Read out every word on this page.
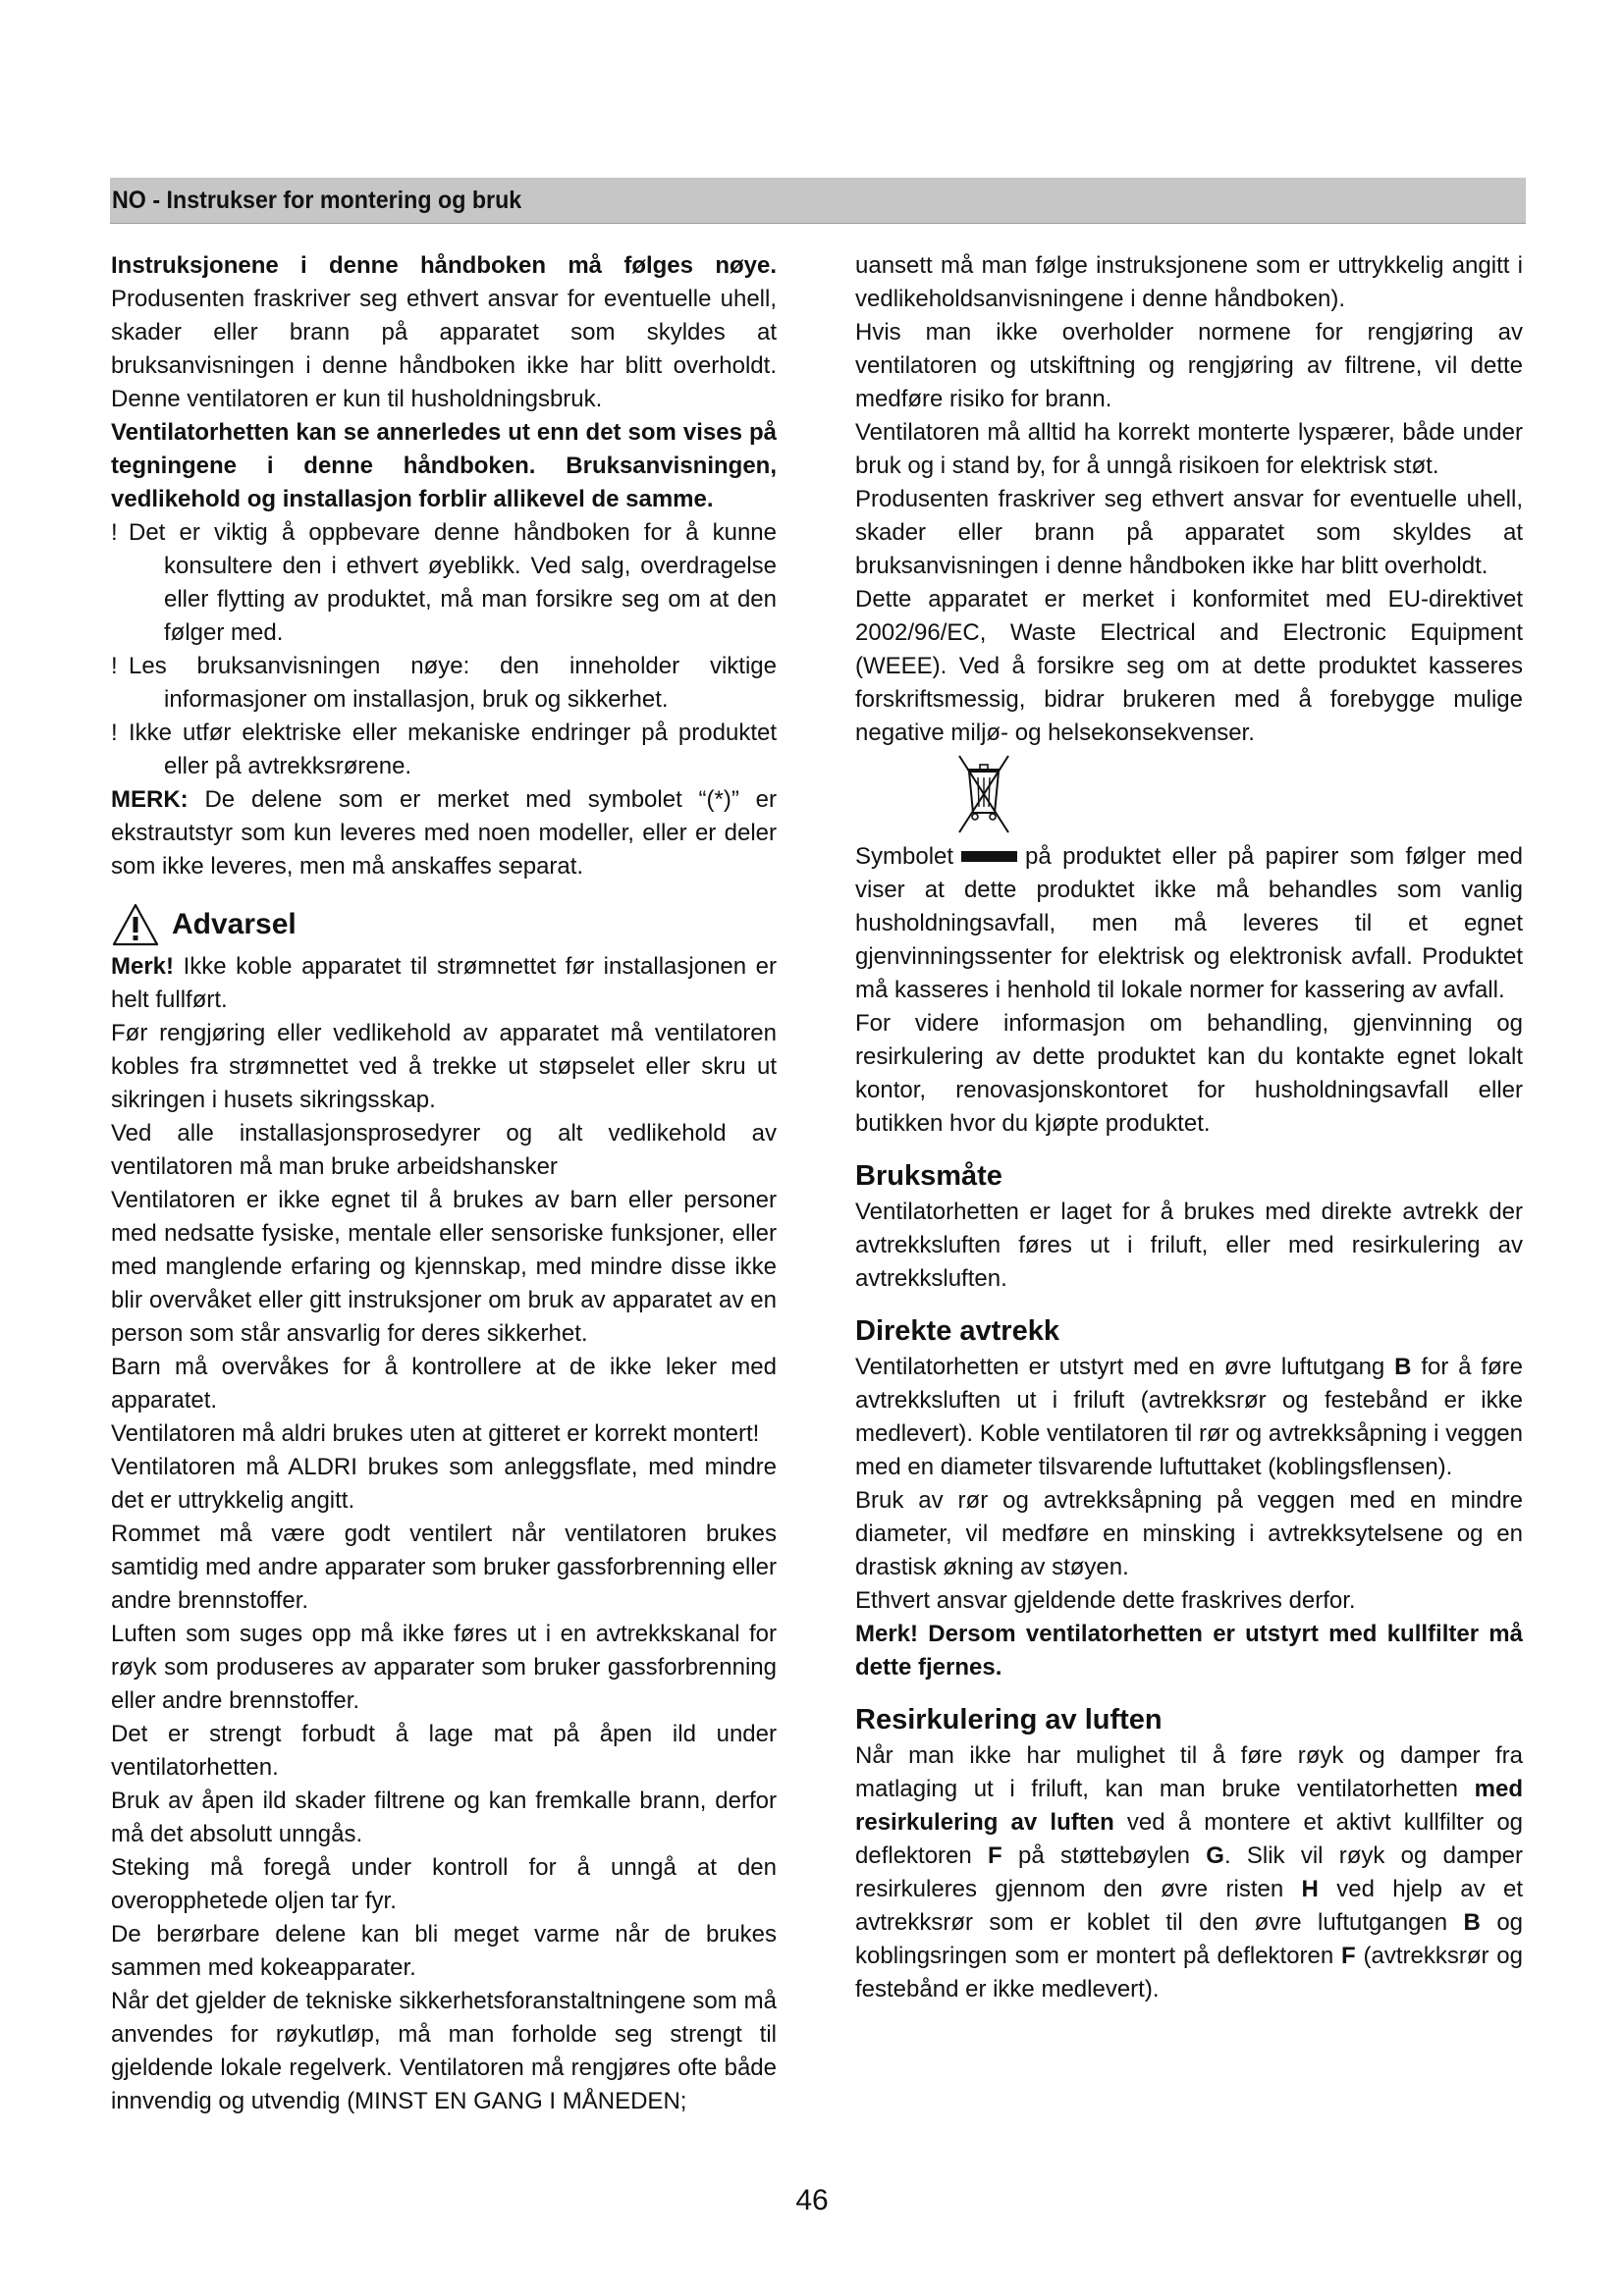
NO - Instrukser for montering og bruk

Instruksjonene i denne håndboken må følges nøye. Produsenten fraskriver seg ethvert ansvar for eventuelle uhell, skader eller brann på apparatet som skyldes at bruksanvisningen i denne håndboken ikke har blitt overholdt. Denne ventilatoren er kun til husholdningsbruk.

Ventilatorhetten kan se annerledes ut enn det som vises på tegningene i denne håndboken. Bruksanvisningen, vedlikehold og installasjon forblir allikevel de samme.

! Det er viktig å oppbevare denne håndboken for å kunne konsultere den i ethvert øyeblikk. Ved salg, overdragelse eller flytting av produktet, må man forsikre seg om at den følger med.

! Les bruksanvisningen nøye: den inneholder viktige informasjoner om installasjon, bruk og sikkerhet.

! Ikke utfør elektriske eller mekaniske endringer på produktet eller på avtrekksrørene.

MERK: De delene som er merket med symbolet “(*)” er ekstrautstyr som kun leveres med noen modeller, eller er deler som ikke leveres, men må anskaffes separat.

Advarsel

Merk! Ikke koble apparatet til strømnettet før installasjonen er helt fullført.

Før rengjøring eller vedlikehold av apparatet må ventilatoren kobles fra strømnettet ved å trekke ut støpselet eller skru ut sikringen i husets sikringsskap.

Ved alle installasjonsprosedyrer og alt vedlikehold av ventilatoren må man bruke arbeidshansker

Ventilatoren er ikke egnet til å brukes av barn eller personer med nedsatte fysiske, mentale eller sensoriske funksjoner, eller med manglende erfaring og kjennskap, med mindre disse ikke blir overvåket eller gitt instruksjoner om bruk av apparatet av en person som står ansvarlig for deres sikkerhet.

Barn må overvåkes for å kontrollere at de ikke leker med apparatet.

Ventilatoren må aldri brukes uten at gitteret er korrekt montert!

Ventilatoren må ALDRI brukes som anleggsflate, med mindre det er uttrykkelig angitt.

Rommet må være godt ventilert når ventilatoren brukes samtidig med andre apparater som bruker gassforbrenning eller andre brennstoffer.

Luften som suges opp må ikke føres ut i en avtrekkskanal for røyk som produseres av apparater som bruker gassforbrenning eller andre brennstoffer.

Det er strengt forbudt å lage mat på åpen ild under ventilatorhetten.

Bruk av åpen ild skader filtrene og kan fremkalle brann, derfor må det absolutt unngås.

Steking må foregå under kontroll for å unngå at den overopphetede oljen tar fyr.

De berørbare delene kan bli meget varme når de brukes sammen med kokeapparater.

Når det gjelder de tekniske sikkerhetsforanstaltningene som må anvendes for røykutløp, må man forholde seg strengt til gjeldende lokale regelverk. Ventilatoren må rengjøres ofte både innvendig og utvendig (MINST EN GANG I MÅNEDEN;

uansett må man følge instruksjonene som er uttrykkelig angitt i vedlikeholdsanvisningene i denne håndboken).

Hvis man ikke overholder normene for rengjøring av ventilatoren og utskiftning og rengjøring av filtrene, vil dette medføre risiko for brann.

Ventilatoren må alltid ha korrekt monterte lyspærer, både under bruk og i stand by, for å unngå risikoen for elektrisk støt.

Produsenten fraskriver seg ethvert ansvar for eventuelle uhell, skader eller brann på apparatet som skyldes at bruksanvisningen i denne håndboken ikke har blitt overholdt.

Dette apparatet er merket i konformitet med EU-direktivet 2002/96/EC, Waste Electrical and Electronic Equipment (WEEE). Ved å forsikre seg om at dette produktet kasseres forskriftsmessig, bidrar brukeren med å forebygge mulige negative miljø- og helsekonsekvenser.

Symbolet	på produktet eller på papirer som følger med viser at dette produktet ikke må behandles som vanlig husholdningsavfall, men må leveres til et egnet gjenvinningssenter for elektrisk og elektronisk avfall. Produktet må kasseres i henhold til lokale normer for kassering av avfall.

For videre informasjon om behandling, gjenvinning og resirkulering av dette produktet kan du kontakte egnet lokalt kontor, renovasjonskontoret for husholdningsavfall eller butikken hvor du kjøpte produktet.

Bruksmåte

Ventilatorhetten er laget for å brukes med direkte avtrekk der avtrekksluften føres ut i friluft, eller med resirkulering av avtrekksluften.

Direkte avtrekk

Ventilatorhetten er utstyrt med en øvre luftutgang B for å føre avtrekksluften ut i friluft (avtrekksrør og festebånd er ikke medlevert). Koble ventilatoren til rør og avtrekksåpning i veggen med en diameter tilsvarende luftuttaket (koblingsflensen).

Bruk av rør og avtrekksåpning på veggen med en mindre diameter, vil medføre en minsking i avtrekksytelsene og en drastisk økning av støyen.

Ethvert ansvar gjeldende dette fraskrives derfor.

Merk! Dersom ventilatorhetten er utstyrt med kullfilter må dette fjernes.

Resirkulering av luften

Når man ikke har mulighet til å føre røyk og damper fra matlaging ut i friluft, kan man bruke ventilatorhetten med resirkulering av luften ved å montere et aktivt kullfilter og deflektoren F på støttebøylen G. Slik vil røyk og damper resirkuleres gjennom den øvre risten H ved hjelp av et avtrekksrør som er koblet til den øvre luftutgangen B og koblingsringen som er montert på deflektoren F (avtrekksrør og festebånd er ikke medlevert).

46
